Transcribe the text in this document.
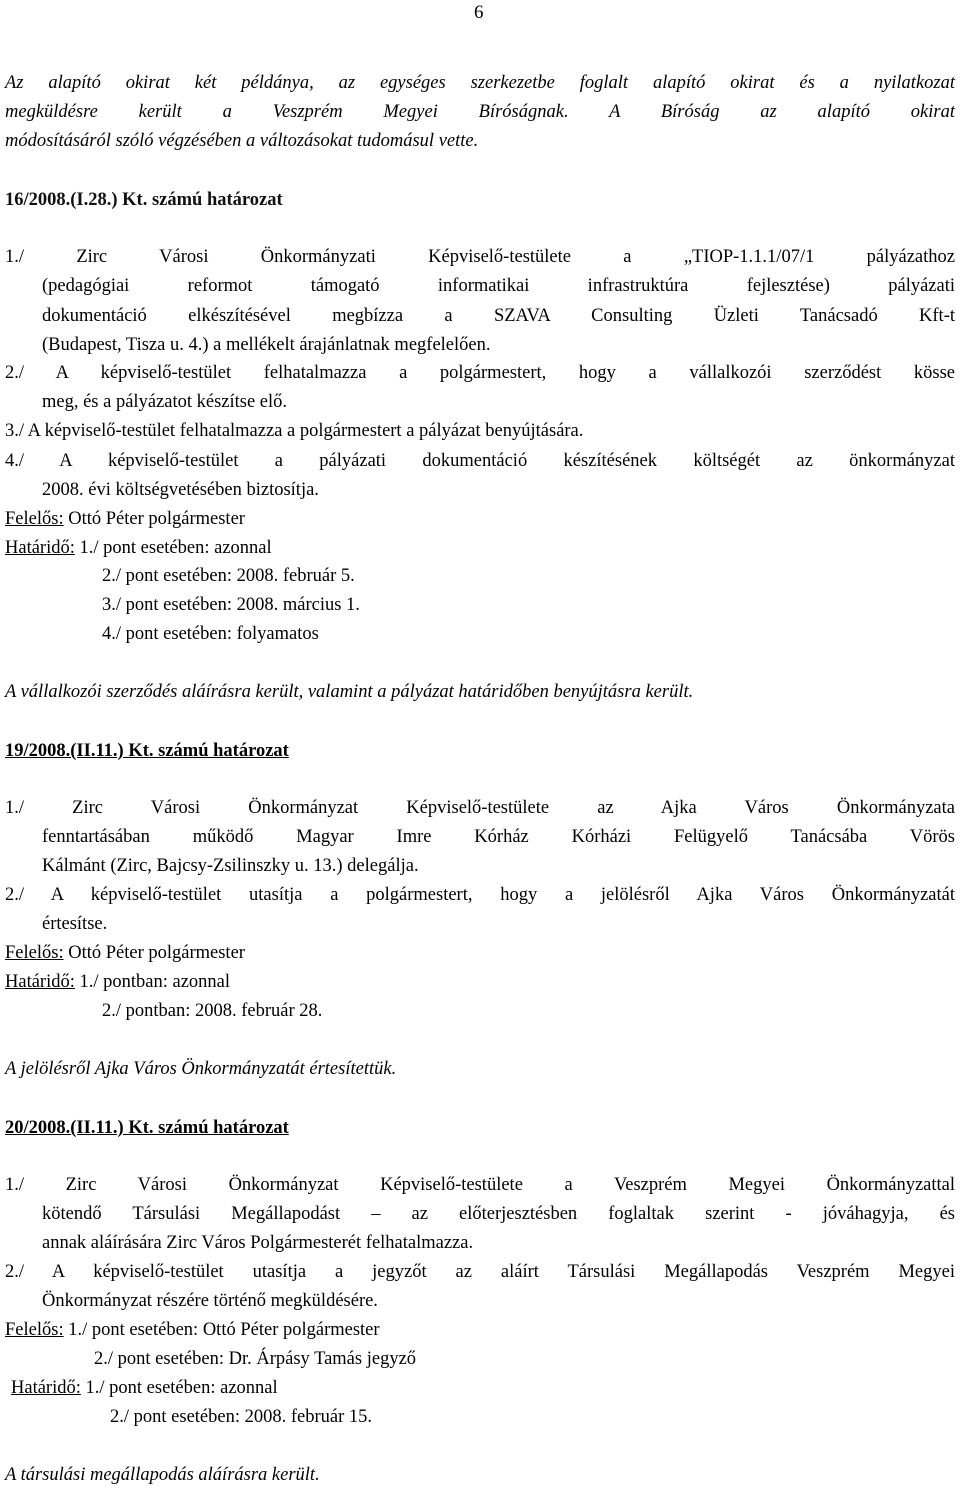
6
Az alapító okirat két példánya, az egységes szerkezetbe foglalt alapító okirat és a nyilatkozat
megküldésre került a Veszprém Megyei Bíróságnak. A Bíróság az alapító okirat
módosításáról szóló végzésében a változásokat tudomásul vette.
16/2008.(I.28.) Kt. számú határozat
1./ Zirc Városi Önkormányzati Képviselő-testülete a „TIOP-1.1.1/07/1 pályázathoz
(pedagógiai reformot támogató informatikai infrastruktúra fejlesztése) pályázati
dokumentáció elkészítésével megbízza a SZAVA Consulting Üzleti Tanácsadó Kft-t
(Budapest, Tisza u. 4.) a mellékelt árajánlatnak megfelelően.
2./ A képviselő-testület felhatalmazza a polgármestert, hogy a vállalkozói szerződést kösse
meg, és a pályázatot készítse elő.
3./ A képviselő-testület felhatalmazza a polgármestert a pályázat benyújtására.
4./ A képviselő-testület a pályázati dokumentáció készítésének költségét az önkormányzat
2008. évi költségvetésében biztosítja.
Felelős: Ottó Péter polgármester
Határidő: 1./ pont esetében: azonnal
2./ pont esetében: 2008. február 5.
3./ pont esetében: 2008. március 1.
4./ pont esetében: folyamatos
A vállalkozói szerződés aláírásra került, valamint a pályázat határidőben benyújtásra került.
19/2008.(II.11.) Kt. számú határozat
1./ Zirc Városi Önkormányzat Képviselő-testülete az Ajka Város Önkormányzata
fenntartásában működő Magyar Imre Kórház Kórházi Felügyelő Tanácsába Vörös
Kálmánt (Zirc, Bajcsy-Zsilinszky u. 13.) delegálja.
2./ A képviselő-testület utasítja a polgármestert, hogy a jelölésről Ajka Város Önkormányzatát
értesítse.
Felelős: Ottó Péter polgármester
Határidő: 1./ pontban: azonnal
2./ pontban: 2008. február 28.
A jelölésről Ajka Város Önkormányzatát értesítettük.
20/2008.(II.11.) Kt. számú határozat
1./ Zirc Városi Önkormányzat Képviselő-testülete a Veszprém Megyei Önkormányzattal
kötendő Társulási Megállapodást – az előterjesztésben foglaltak szerint - jóváhagyja, és
annak aláírására Zirc Város Polgármesterét felhatalmazza.
2./ A képviselő-testület utasítja a jegyzőt az aláírt Társulási Megállapodás Veszprém Megyei
Önkormányzat részére történő megküldésére.
Felelős: 1./ pont esetében: Ottó Péter polgármester
2./ pont esetében: Dr. Árpásy Tamás jegyző
Határidő: 1./ pont esetében: azonnal
2./ pont esetében: 2008. február 15.
A társulási megállapodás aláírásra került.
